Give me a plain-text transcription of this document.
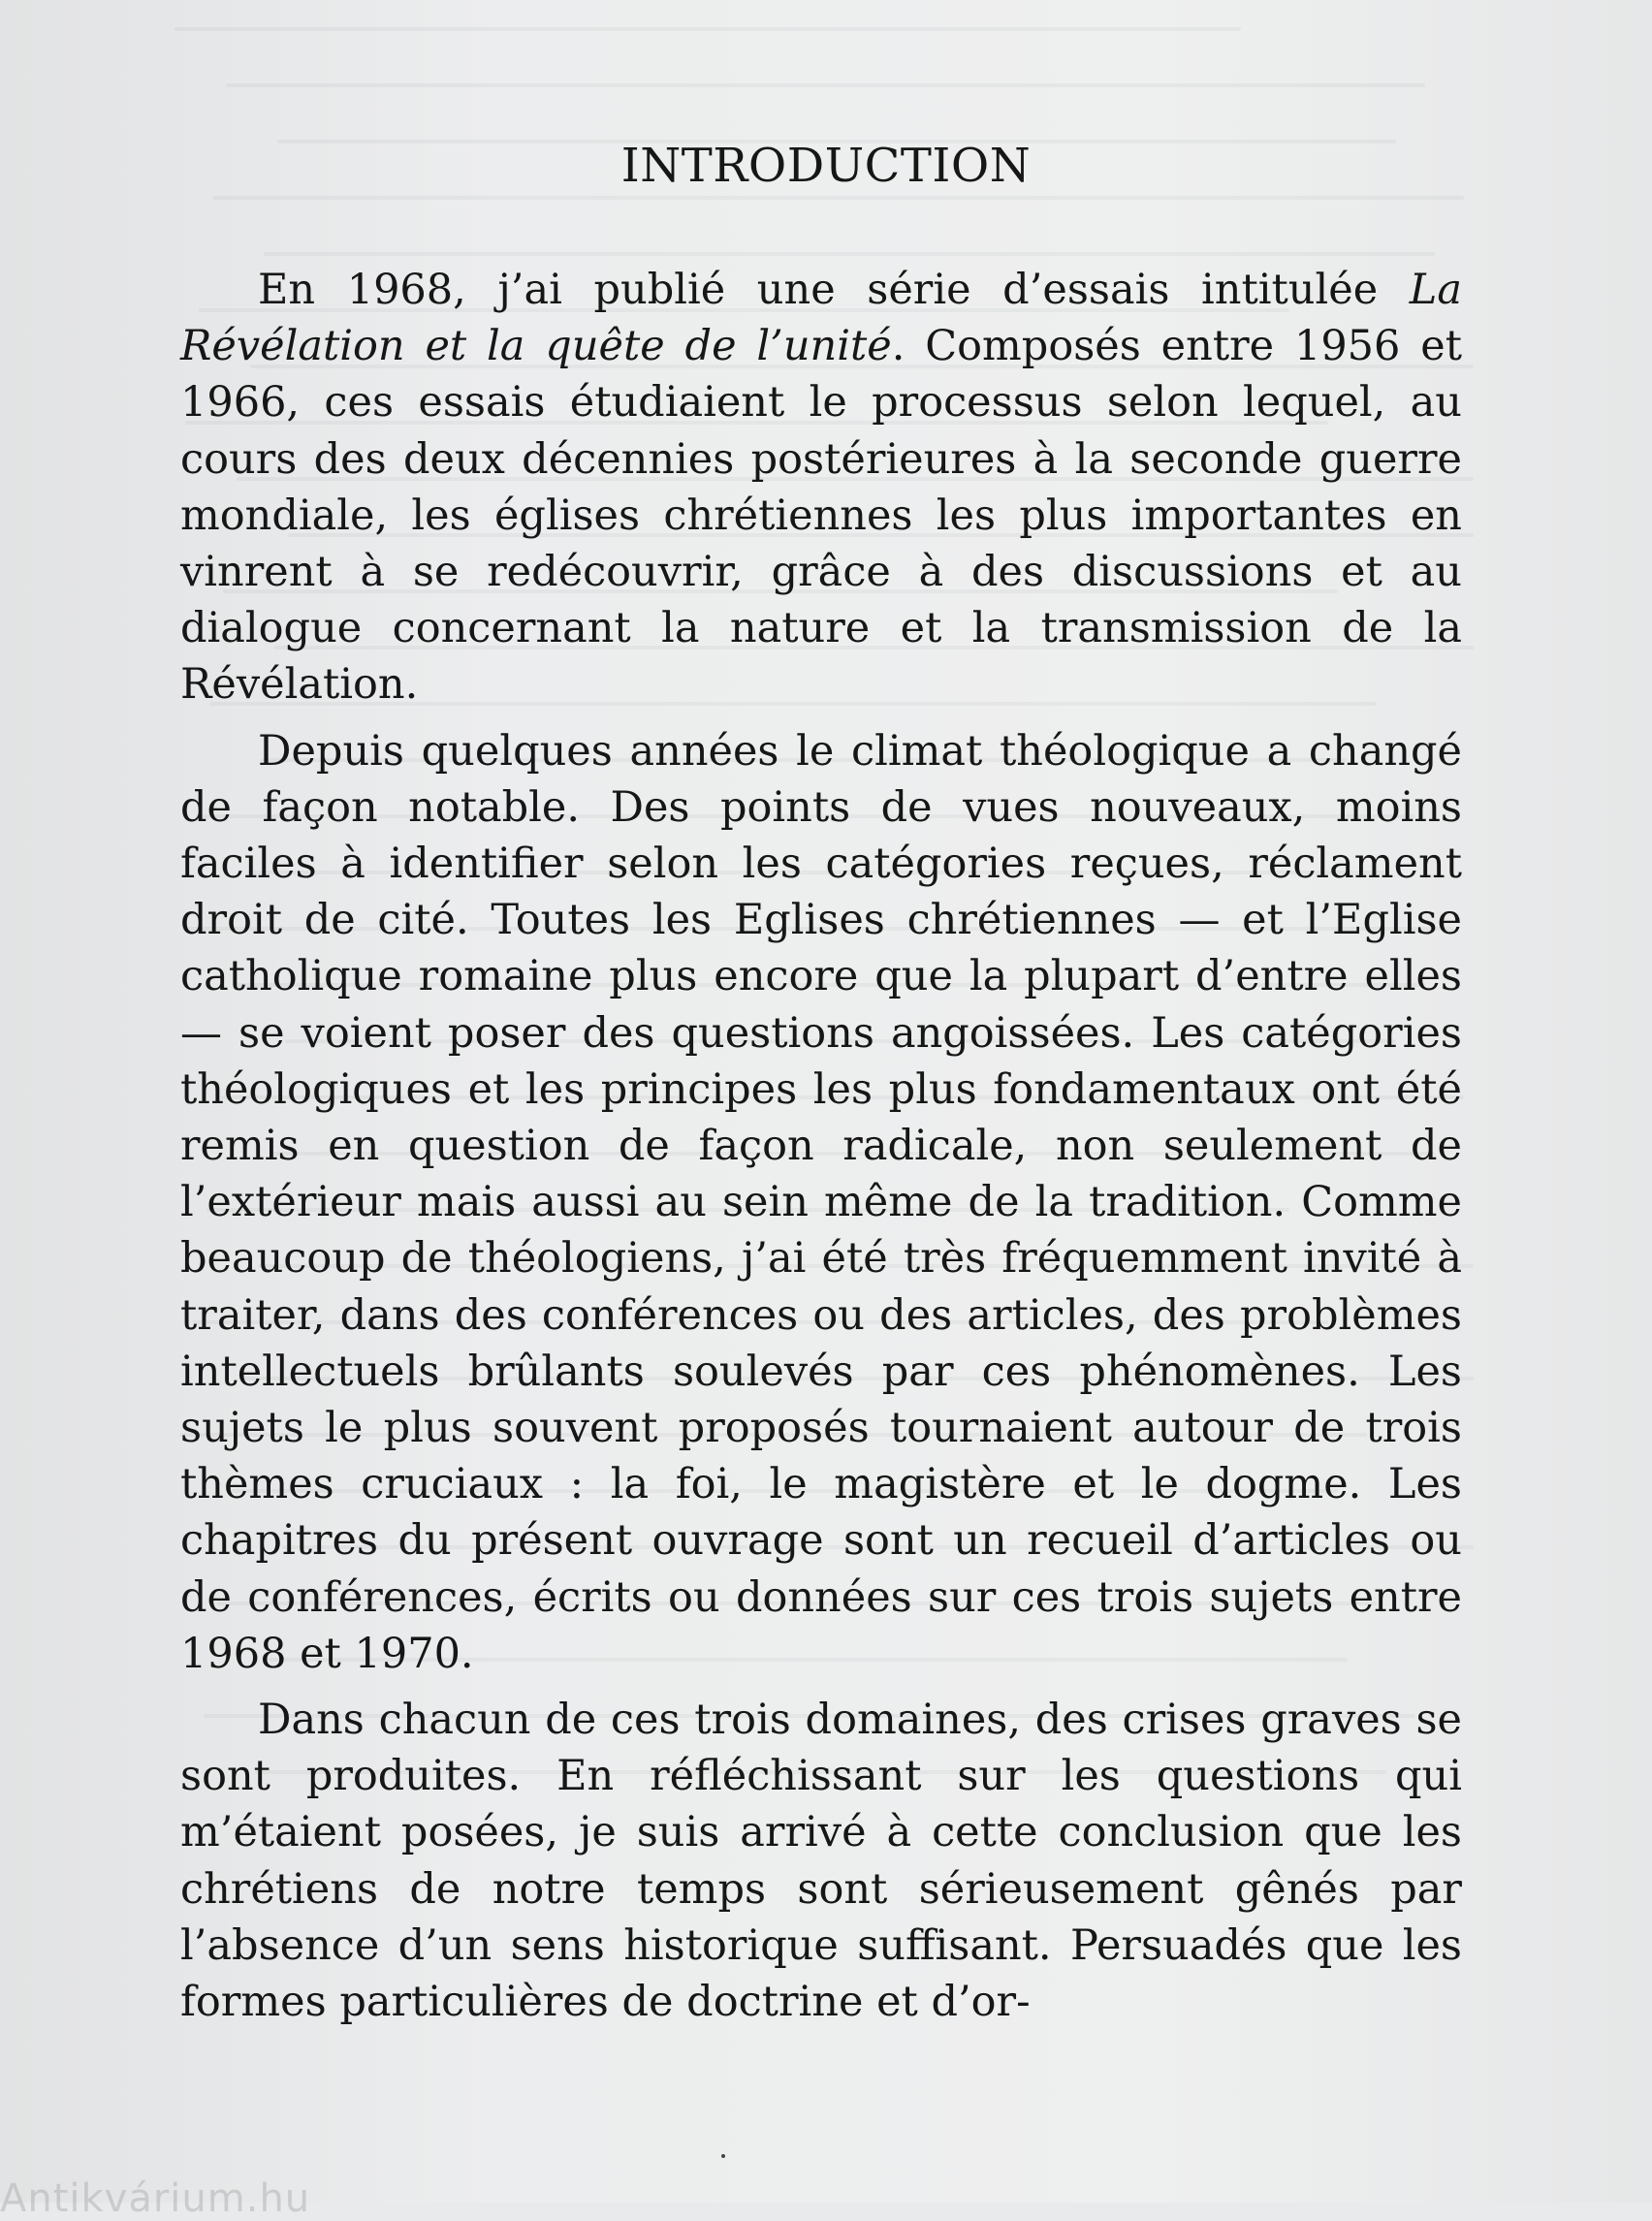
INTRODUCTION

En 1968, j’ai publié une série d’essais intitulée La Révélation et la quête de l’unité. Composés entre 1956 et 1966, ces essais étudiaient le processus selon lequel, au cours des deux décennies postérieures à la seconde guerre mondiale, les églises chrétiennes les plus importantes en vinrent à se redécouvrir, grâce à des discussions et au dialogue concernant la nature et la transmission de la Révélation.

Depuis quelques années le climat théologique a changé de façon notable. Des points de vues nouveaux, moins faciles à identifier selon les catégories reçues, réclament droit de cité. Toutes les Eglises chrétiennes — et l’Eglise catholique romaine plus encore que la plupart d’entre elles — se voient poser des questions angoissées. Les catégories théologiques et les principes les plus fondamentaux ont été remis en question de façon radicale, non seulement de l’extérieur mais aussi au sein même de la tradition. Comme beaucoup de théologiens, j’ai été très fréquemment invité à traiter, dans des conférences ou des articles, des problèmes intellectuels brûlants soulevés par ces phénomènes. Les sujets le plus souvent proposés tournaient autour de trois thèmes cruciaux : la foi, le magistère et le dogme. Les chapitres du présent ouvrage sont un recueil d’articles ou de conférences, écrits ou données sur ces trois sujets entre 1968 et 1970.

Dans chacun de ces trois domaines, des crises graves se sont produites. En réfléchissant sur les questions qui m’étaient posées, je suis arrivé à cette conclusion que les chrétiens de notre temps sont sérieusement gênés par l’absence d’un sens historique suffisant. Persuadés que les formes particulières de doctrine et d’or-

Antikvárium.hu
